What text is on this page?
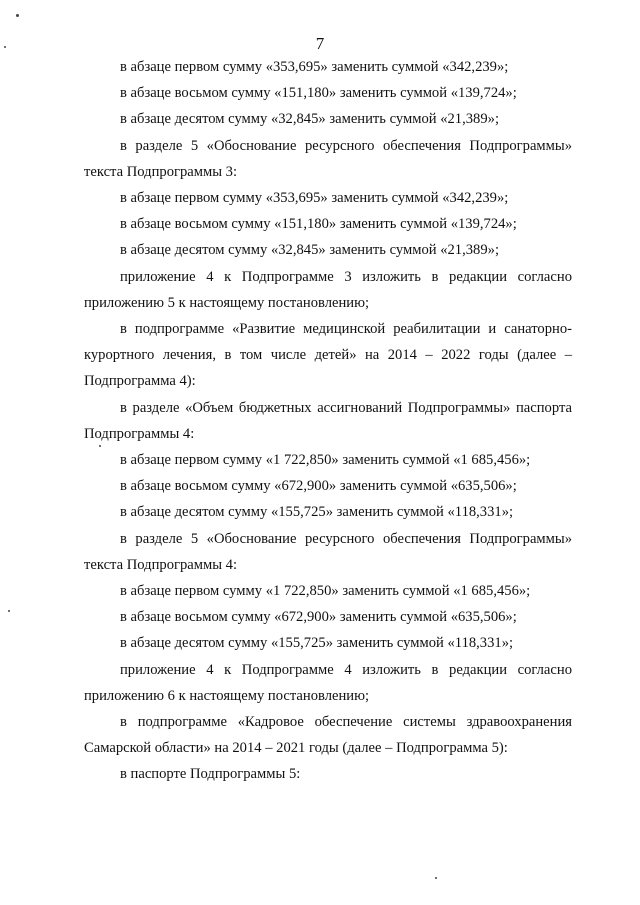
7

в абзаце первом сумму «353,695» заменить суммой «342,239»;

в абзаце восьмом сумму «151,180» заменить суммой «139,724»;

в абзаце десятом сумму «32,845» заменить суммой «21,389»;

в разделе 5 «Обоснование ресурсного обеспечения Подпрограммы» текста Подпрограммы 3:

в абзаце первом сумму «353,695» заменить суммой «342,239»;

в абзаце восьмом сумму «151,180» заменить суммой «139,724»;

в абзаце десятом сумму «32,845» заменить суммой «21,389»;

приложение 4 к Подпрограмме 3 изложить в редакции согласно приложению 5 к настоящему постановлению;

в подпрограмме «Развитие медицинской реабилитации и санаторно-курортного лечения, в том числе детей» на 2014 – 2022 годы (далее – Подпрограмма 4):

в разделе «Объем бюджетных ассигнований Подпрограммы» паспорта Подпрограммы 4:

в абзаце первом сумму «1 722,850» заменить суммой «1 685,456»;

в абзаце восьмом сумму «672,900» заменить суммой «635,506»;

в абзаце десятом сумму «155,725» заменить суммой «118,331»;

в разделе 5 «Обоснование ресурсного обеспечения Подпрограммы» текста Подпрограммы 4:

в абзаце первом сумму «1 722,850» заменить суммой «1 685,456»;

в абзаце восьмом сумму «672,900» заменить суммой «635,506»;

в абзаце десятом сумму «155,725» заменить суммой «118,331»;

приложение 4 к Подпрограмме 4 изложить в редакции согласно приложению 6 к настоящему постановлению;

в подпрограмме «Кадровое обеспечение системы здравоохранения Самарской области» на 2014 – 2021 годы (далее – Подпрограмма 5):

в паспорте Подпрограммы 5:
